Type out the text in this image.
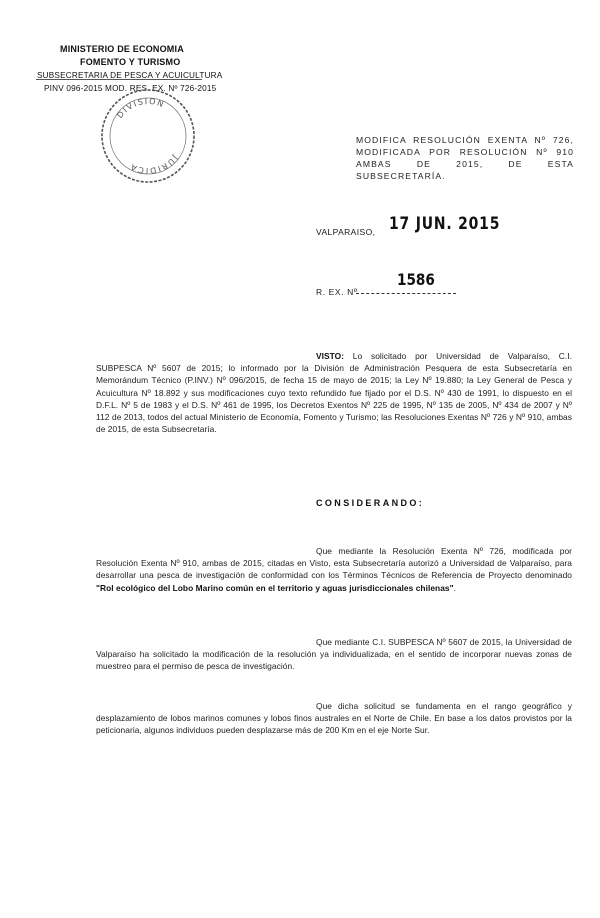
MINISTERIO DE ECONOMIA
FOMENTO Y TURISMO
SUBSECRETARIA DE PESCA Y ACUICULTURA
PINV 096-2015 MOD. RES. EX. Nº 726-2015
DIVISION
JURIDICA
MODIFICA RESOLUCIÓN EXENTA Nº 726, MODIFICADA POR RESOLUCIÓN Nº 910 AMBAS DE 2015, DE ESTA SUBSECRETARÍA.
VALPARAISO, 17 JUN. 2015
R. EX. Nº
1586
VISTO: Lo solicitado por Universidad de Valparaíso, C.I. SUBPESCA Nº 5607 de 2015; lo informado por la División de Administración Pesquera de esta Subsecretaría en Memorándum Técnico (P.INV.) Nº 096/2015, de fecha 15 de mayo de 2015; la Ley Nº 19.880; la Ley General de Pesca y Acuicultura Nº 18.892 y sus modificaciones cuyo texto refundido fue fijado por el D.S. Nº 430 de 1991, lo dispuesto en el D.F.L. Nº 5 de 1983 y el D.S. Nº 461 de 1995, los Decretos Exentos Nº 225 de 1995, Nº 135 de 2005, Nº 434 de 2007 y Nº 112 de 2013, todos del actual Ministerio de Economía, Fomento y Turismo; las Resoluciones Exentas Nº 726 y Nº 910, ambas de 2015, de esta Subsecretaría.
CONSIDERANDO:
Que mediante la Resolución Exenta Nº 726, modificada por Resolución Exenta Nº 910, ambas de 2015, citadas en Visto, esta Subsecretaría autorizó a Universidad de Valparaíso, para desarrollar una pesca de investigación de conformidad con los Términos Técnicos de Referencia de Proyecto denominado "Rol ecológico del Lobo Marino común en el territorio y aguas jurisdiccionales chilenas".
Que mediante C.I. SUBPESCA Nº 5607 de 2015, la Universidad de Valparaíso ha solicitado la modificación de la resolución ya individualizada, en el sentido de incorporar nuevas zonas de muestreo para el permiso de pesca de investigación.
Que dicha solicitud se fundamenta en el rango geográfico y desplazamiento de lobos marinos comunes y lobos finos australes en el Norte de Chile. En base a los datos provistos por la peticionaria, algunos individuos pueden desplazarse más de 200 Km en el eje Norte Sur.
